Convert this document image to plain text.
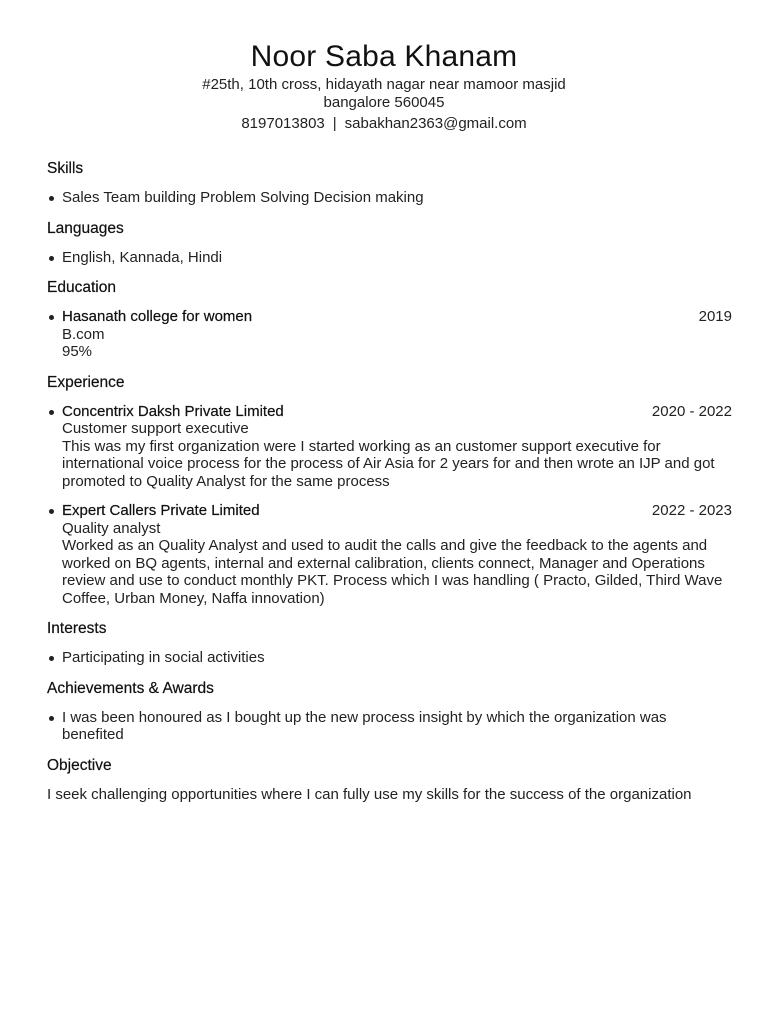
Noor Saba Khanam
#25th, 10th cross, hidayath nagar near mamoor masjid
bangalore 560045
8197013803 | sabakhan2363@gmail.com
Skills
Sales Team building Problem Solving Decision making
Languages
English, Kannada, Hindi
Education
Hasanath college for women	2019
B.com
95%
Experience
Concentrix Daksh Private Limited	2020 - 2022
Customer support executive
This was my first organization were I started working as an customer support executive for international voice process for the process of Air Asia for 2 years for and then wrote an IJP and got promoted to Quality Analyst for the same process
Expert Callers Private Limited	2022 - 2023
Quality analyst
Worked as an Quality Analyst and used to audit the calls and give the feedback to the agents and worked on BQ agents, internal and external calibration, clients connect, Manager and Operations review and use to conduct monthly PKT. Process which I was handling ( Practo, Gilded, Third Wave Coffee, Urban Money, Naffa innovation)
Interests
Participating in social activities
Achievements & Awards
I was been honoured as I bought up the new process insight by which the organization was benefited
Objective
I seek challenging opportunities where I can fully use my skills for the success of the organization
